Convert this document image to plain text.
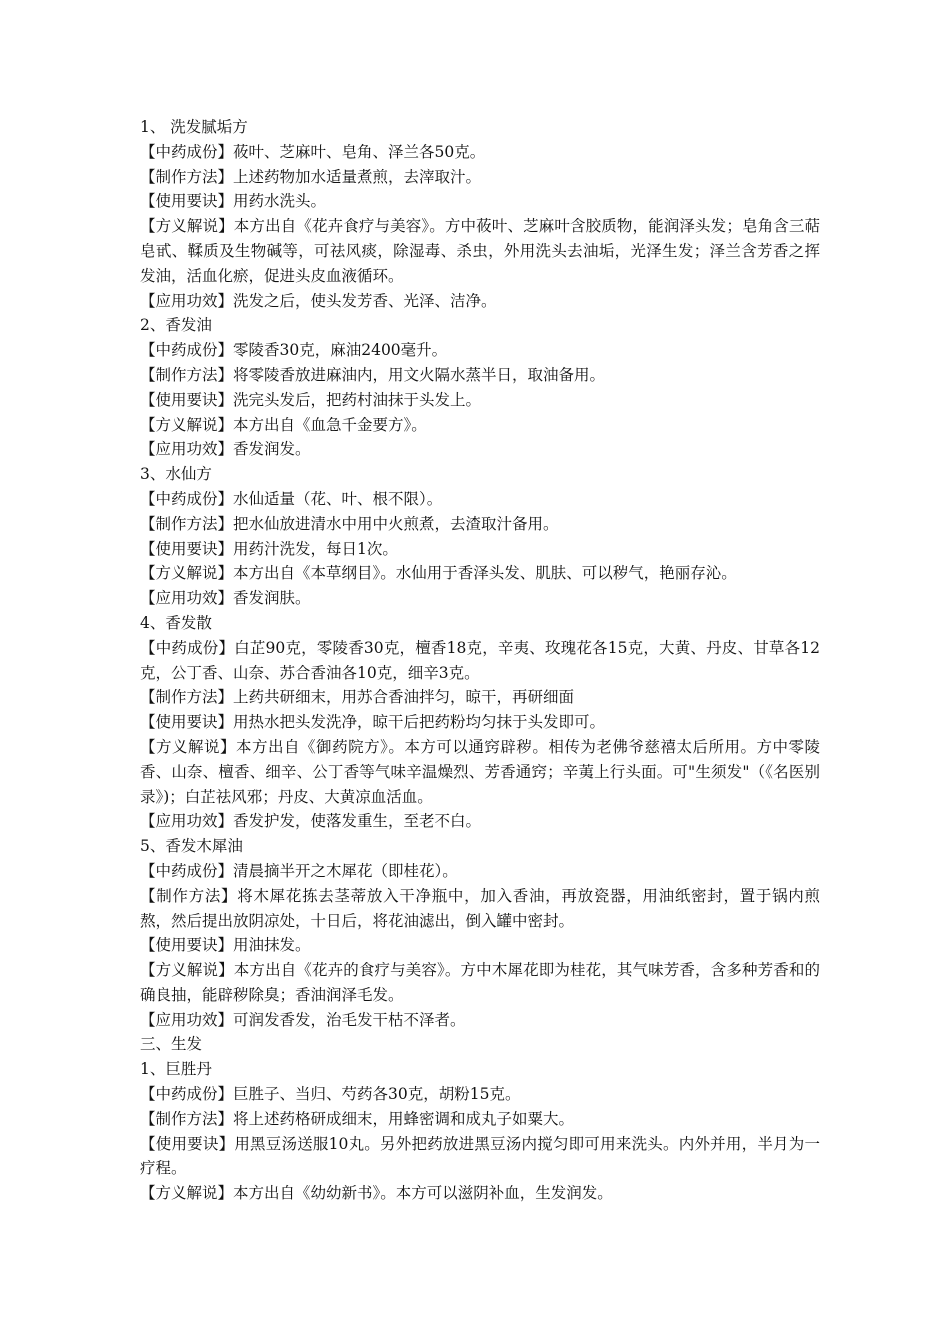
1、 洗发腻垢方
【中药成份】莜叶、芝麻叶、皂角、泽兰各50克。
【制作方法】上述药物加水适量煮煎，去滓取汁。
【使用要诀】用药水洗头。
【方义解说】本方出自《花卉食疗与美容》。方中莜叶、芝麻叶含胶质物，能润泽头发；皂角含三萜皂甙、鞣质及生物碱等，可祛风痰，除湿毒、杀虫，外用洗头去油垢，光泽生发；泽兰含芳香之挥发油，活血化瘀，促进头皮血液循环。
【应用功效】洗发之后，使头发芳香、光泽、洁净。
2、香发油
【中药成份】零陵香30克，麻油2400毫升。
【制作方法】将零陵香放进麻油内，用文火隔水蒸半日，取油备用。
【使用要诀】洗完头发后，把药村油抹于头发上。
【方义解说】本方出自《血急千金要方》。
【应用功效】香发润发。
3、水仙方
【中药成份】水仙适量（花、叶、根不限）。
【制作方法】把水仙放进清水中用中火煎煮，去渣取汁备用。
【使用要诀】用药汁洗发，每日1次。
【方义解说】本方出自《本草纲目》。水仙用于香泽头发、肌肤、可以秽气，艳丽存沁。
【应用功效】香发润肤。
4、香发散
【中药成份】白芷90克，零陵香30克，檀香18克，辛夷、玫瑰花各15克，大黄、丹皮、甘草各12克，公丁香、山奈、苏合香油各10克，细辛3克。
【制作方法】上药共研细末，用苏合香油拌匀，晾干，再研细面
【使用要诀】用热水把头发洗净，晾干后把药粉均匀抹于头发即可。
【方义解说】本方出自《御药院方》。本方可以通窍辟秽。相传为老佛爷慈禧太后所用。方中零陵香、山奈、檀香、细辛、公丁香等气味辛温燥烈、芳香通窍；辛荑上行头面。可"生须发"（《名医别录》)；白芷祛风邪；丹皮、大黄凉血活血。
【应用功效】香发护发，使落发重生，至老不白。
5、香发木犀油
【中药成份】清晨摘半开之木犀花（即桂花）。
【制作方法】将木犀花拣去茎蒂放入干净瓶中，加入香油，再放瓷器，用油纸密封，置于锅内煎熬，然后提出放阴凉处，十日后，将花油滤出，倒入罐中密封。
【使用要诀】用油抹发。
【方义解说】本方出自《花卉的食疗与美容》。方中木犀花即为桂花，其气味芳香，含多种芳香和的确良抽，能辟秽除臭；香油润泽毛发。
【应用功效】可润发香发，治毛发干枯不泽者。
三、生发
1、巨胜丹
【中药成份】巨胜子、当归、芍药各30克，胡粉15克。
【制作方法】将上述药格研成细末，用蜂密调和成丸子如粟大。
【使用要诀】用黑豆汤送服10丸。另外把药放进黑豆汤内搅匀即可用来洗头。内外并用，半月为一疗程。
【方义解说】本方出自《幼幼新书》。本方可以滋阴补血，生发润发。
